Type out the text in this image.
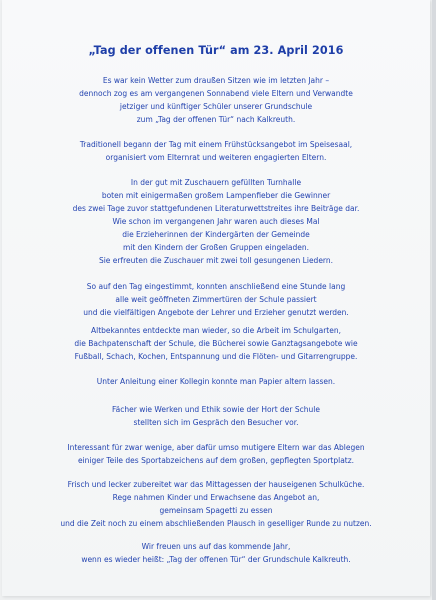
„Tag der offenen Tür“ am 23. April 2016
Es war kein Wetter zum draußen Sitzen wie im letzten Jahr –
dennoch zog es am vergangenen Sonnabend viele Eltern und Verwandte
jetziger und künftiger Schüler unserer Grundschule
zum „Tag der offenen Tür“ nach Kalkreuth.
Traditionell begann der Tag mit einem Frühstücksangebot im Speisesaal,
organisiert vom Elternrat und weiteren engagierten Eltern.
In der gut mit Zuschauern gefüllten Turnhalle
boten mit einigermaßen großem Lampenfieber die Gewinner
des zwei Tage zuvor stattgefundenen Literaturwettstreites ihre Beiträge dar.
Wie schon im vergangenen Jahr waren auch dieses Mal
die Erzieherinnen der Kindergärten der Gemeinde
mit den Kindern der Großen Gruppen eingeladen.
Sie erfreuten die Zuschauer mit zwei toll gesungenen Liedern.
So auf den Tag eingestimmt, konnten anschließend eine Stunde lang
alle weit geöffneten Zimmertüren der Schule passiert
und die vielfältigen Angebote der Lehrer und Erzieher genutzt werden.
Altbekanntes entdeckte man wieder, so die Arbeit im Schulgarten,
die Bachpatenschaft der Schule, die Bücherei sowie Ganztagsangebote wie
Fußball, Schach, Kochen, Entspannung und die Flöten- und Gitarrengruppe.
Unter Anleitung einer Kollegin konnte man Papier altern lassen.
Fächer wie Werken und Ethik sowie der Hort der Schule
stellten sich im Gespräch den Besucher vor.
Interessant für zwar wenige, aber dafür umso mutigere Eltern war das Ablegen
einiger Teile des Sportabzeichens auf dem großen, gepflegten Sportplatz.
Frisch und lecker zubereitet war das Mittagessen der hauseigenen Schulküche.
Rege nahmen Kinder und Erwachsene das Angebot an,
gemeinsam Spagetti zu essen
und die Zeit noch zu einem abschließenden Plausch in geselliger Runde zu nutzen.
Wir freuen uns auf das kommende Jahr,
wenn es wieder heißt: „Tag der offenen Tür“ der Grundschule Kalkreuth.
